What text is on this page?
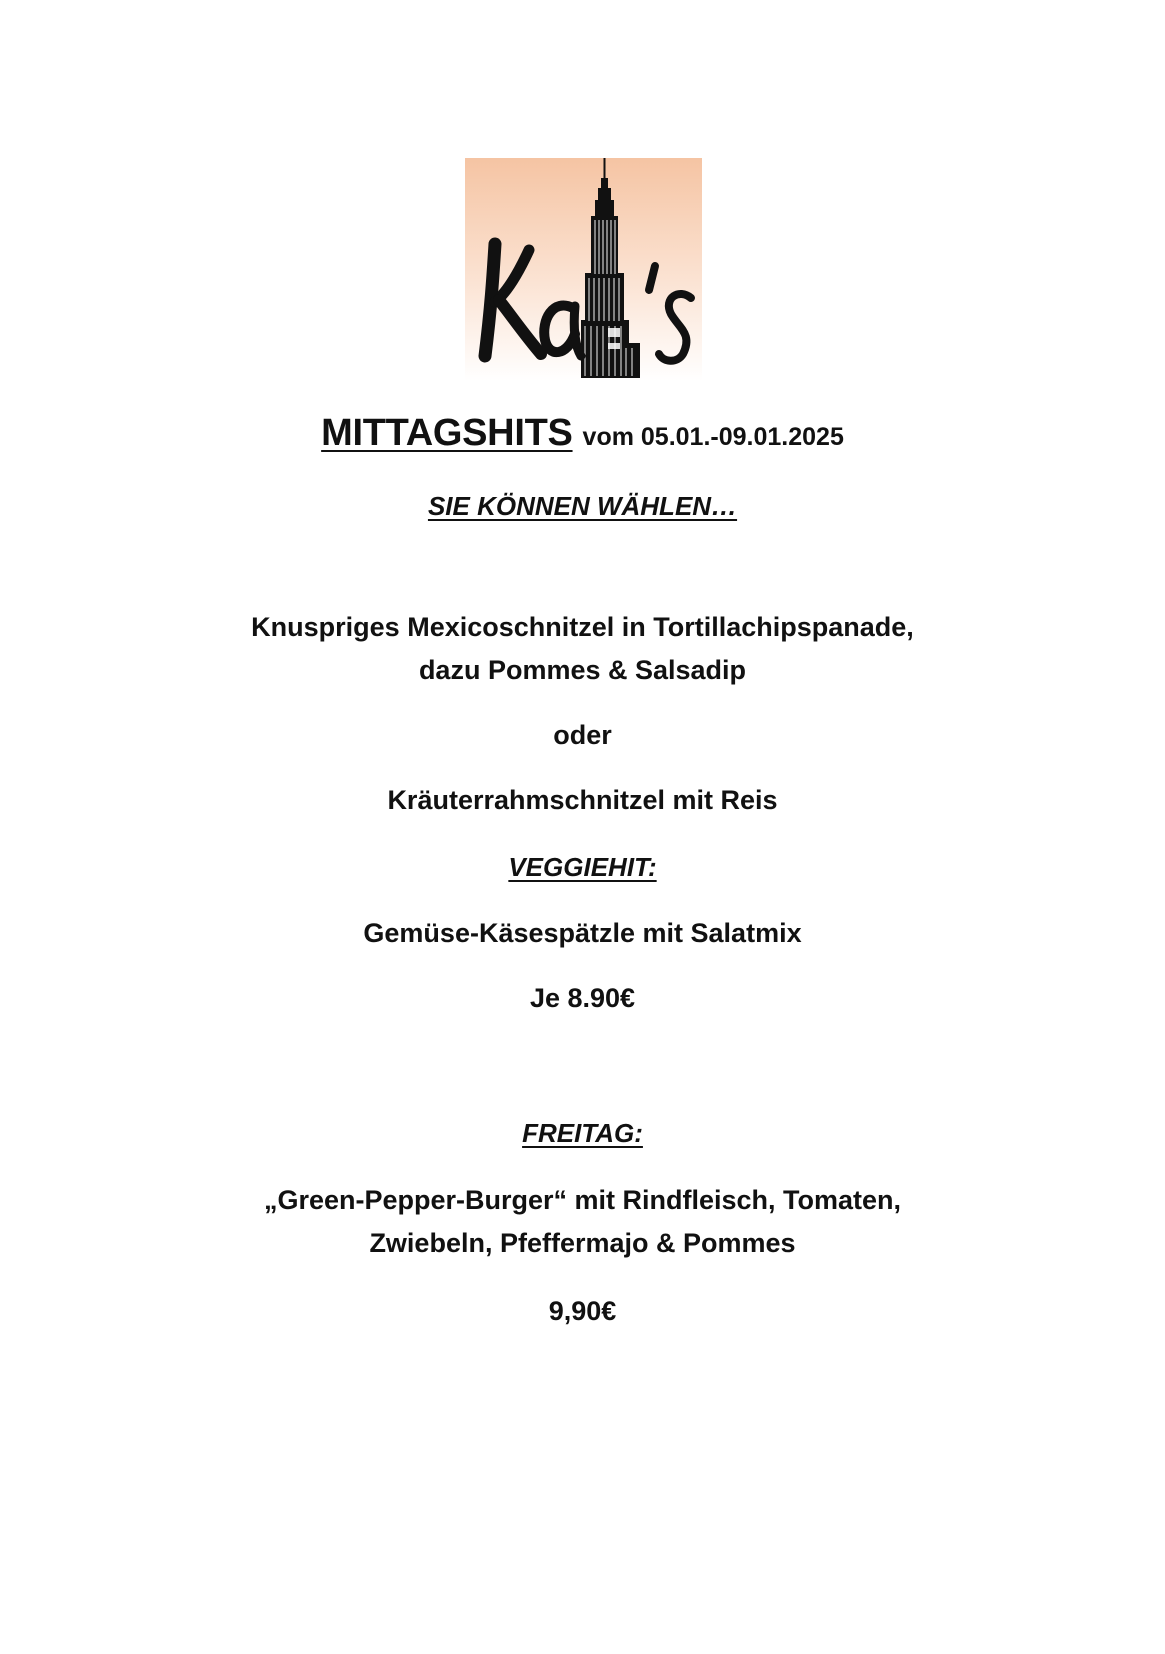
MITTAGSHITS vom 05.01.-09.01.2025
SIE KÖNNEN WÄHLEN…
Knuspriges Mexicoschnitzel in Tortillachipspanade,
dazu Pommes & Salsadip
oder
Kräuterrahmschnitzel mit Reis
VEGGIEHIT:
Gemüse-Käsespätzle mit Salatmix
Je 8.90€
FREITAG:
„Green-Pepper-Burger“ mit Rindfleisch, Tomaten,
Zwiebeln, Pfeffermajo & Pommes
9,90€
